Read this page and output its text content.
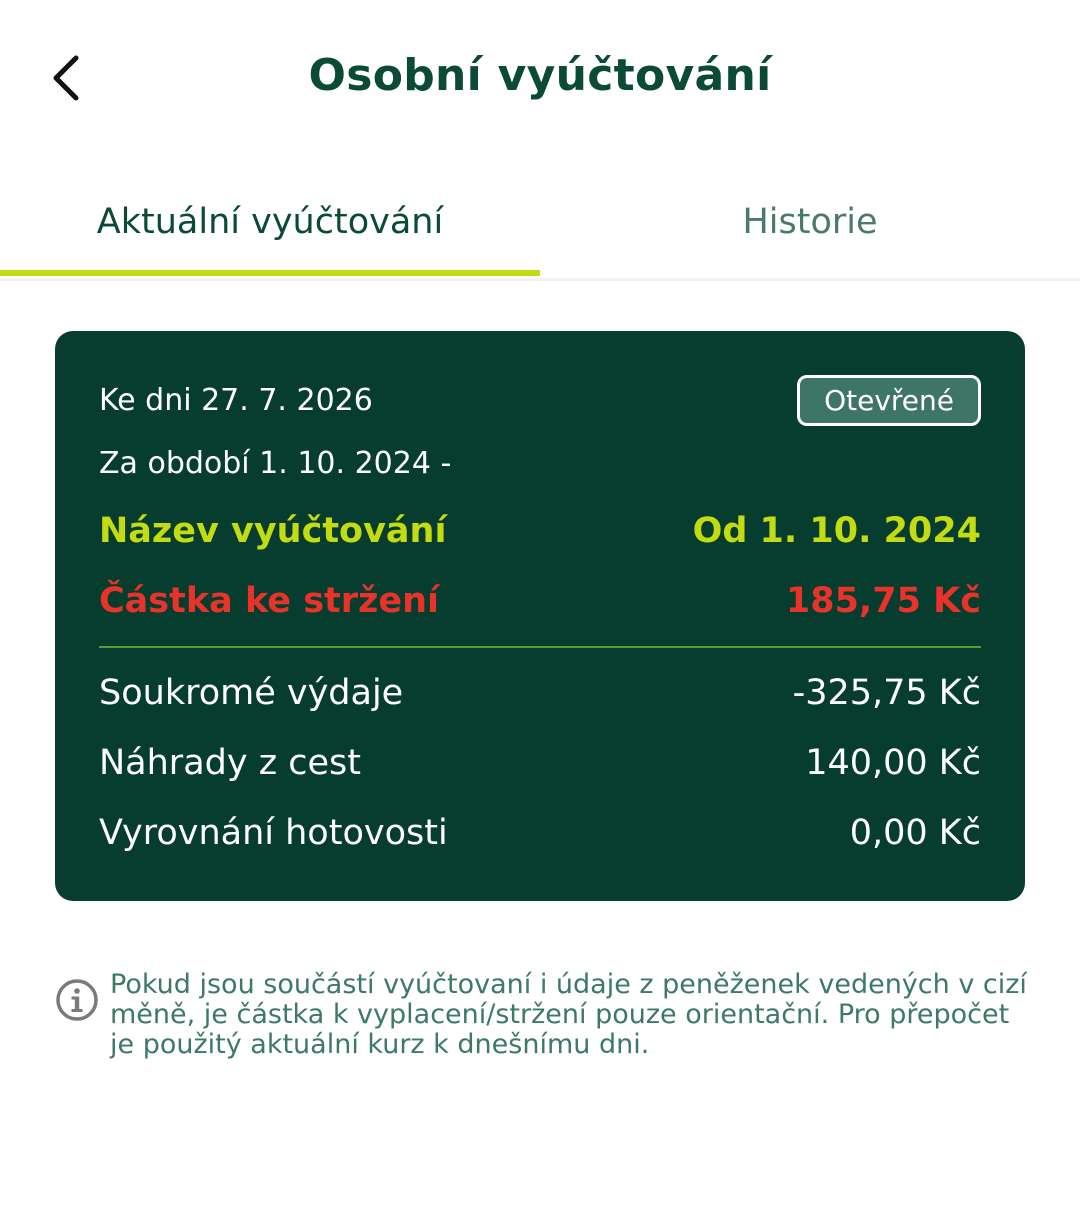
Osobní vyúčtování
Aktuální vyúčtování	Historie
Ke dni 27. 7. 2026	Otevřené
Za období 1. 10. 2024 -
Název vyúčtování	Od 1. 10. 2024
Částka ke stržení	185,75 Kč
Soukromé výdaje	-325,75 Kč
Náhrady z cest	140,00 Kč
Vyrovnání hotovosti	0,00 Kč
Pokud jsou součástí vyúčtovaní i údaje z peněženek vedených v cizí měně, je částka k vyplacení/stržení pouze orientační. Pro přepočet je použitý aktuální kurz k dnešnímu dni.
